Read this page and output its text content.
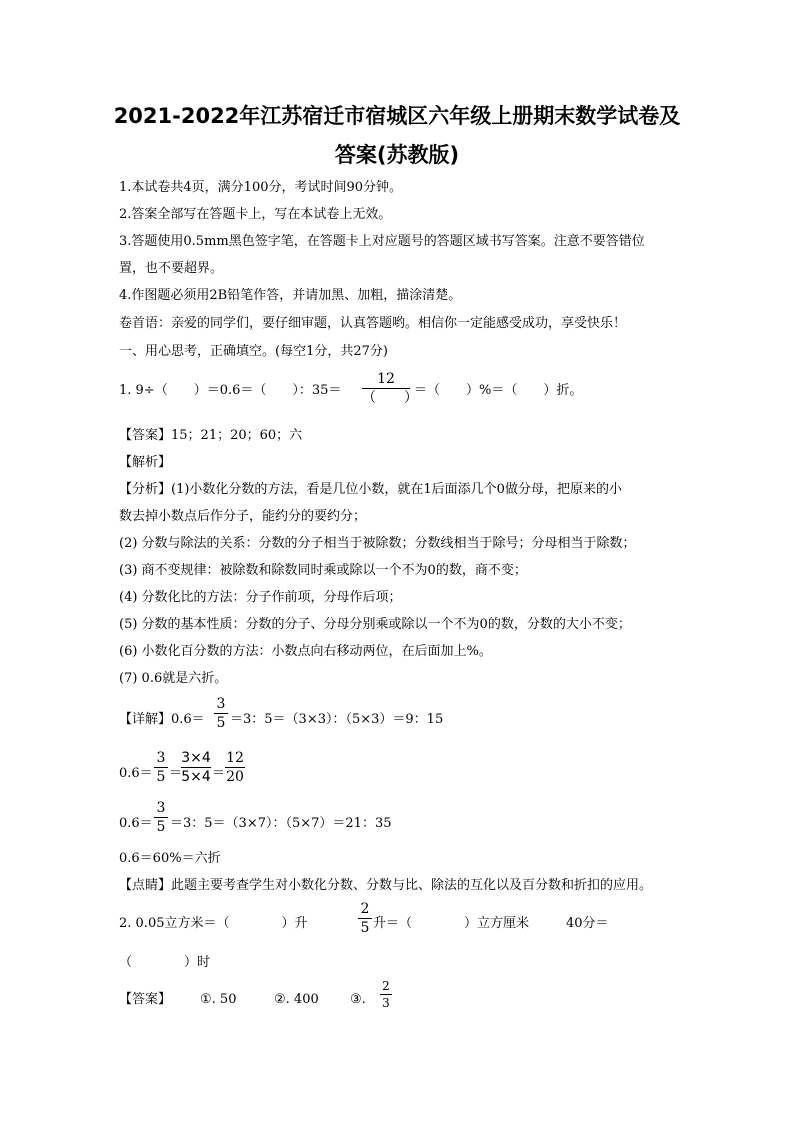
2021-2022年江苏宿迁市宿城区六年级上册期末数学试卷及
答案(苏教版)
1.本试卷共4页，满分100分，考试时间90分钟。
2.答案全部写在答题卡上，写在本试卷上无效。
3.答题使用0.5mm黑色签字笔，在答题卡上对应题号的答题区域书写答案。注意不要答错位
置，也不要超界。
4.作图题必须用2B铅笔作答，并请加黑、加粗，描涂清楚。
卷首语：亲爱的同学们，要仔细审题，认真答题哟。相信你一定能感受成功，享受快乐！
一、用心思考，正确填空。(每空1分，共27分)
1. 9÷（　　）＝0.6＝（　　）：35＝
12
（　　）
＝（　　）%＝（　　）折。
【答案】15；21；20；60；六
【解析】
【分析】(1)小数化分数的方法，看是几位小数，就在1后面添几个0做分母，把原来的小
数去掉小数点后作分子，能约分的要约分；
(2) 分数与除法的关系：分数的分子相当于被除数；分数线相当于除号；分母相当于除数；
(3) 商不变规律：被除数和除数同时乘或除以一个不为0的数，商不变；
(4) 分数化比的方法：分子作前项，分母作后项；
(5) 分数的基本性质：分数的分子、分母分别乘或除以一个不为0的数，分数的大小不变；
(6) 小数化百分数的方法：小数点向右移动两位，在后面加上%。
(7) 0.6就是六折。
【详解】0.6＝
3
5 ＝3：5＝（3×3）：（5×3）＝9：15
0.6＝
3
5 ＝
3×4
5×4 ＝
12
20
0.6＝
3
5 ＝3：5＝（3×7）：（5×7）＝21：35
0.6＝60%＝六折
【点睛】此题主要考查学生对小数化分数、分数与比、除法的互化以及百分数和折扣的应用。
2. 0.05立方米＝（　　　　）升
2
5 升＝（　　　　）立方厘米	40分＝
（　　　　）时
【答案】 ①. 50	②. 400 ③.
2
3
